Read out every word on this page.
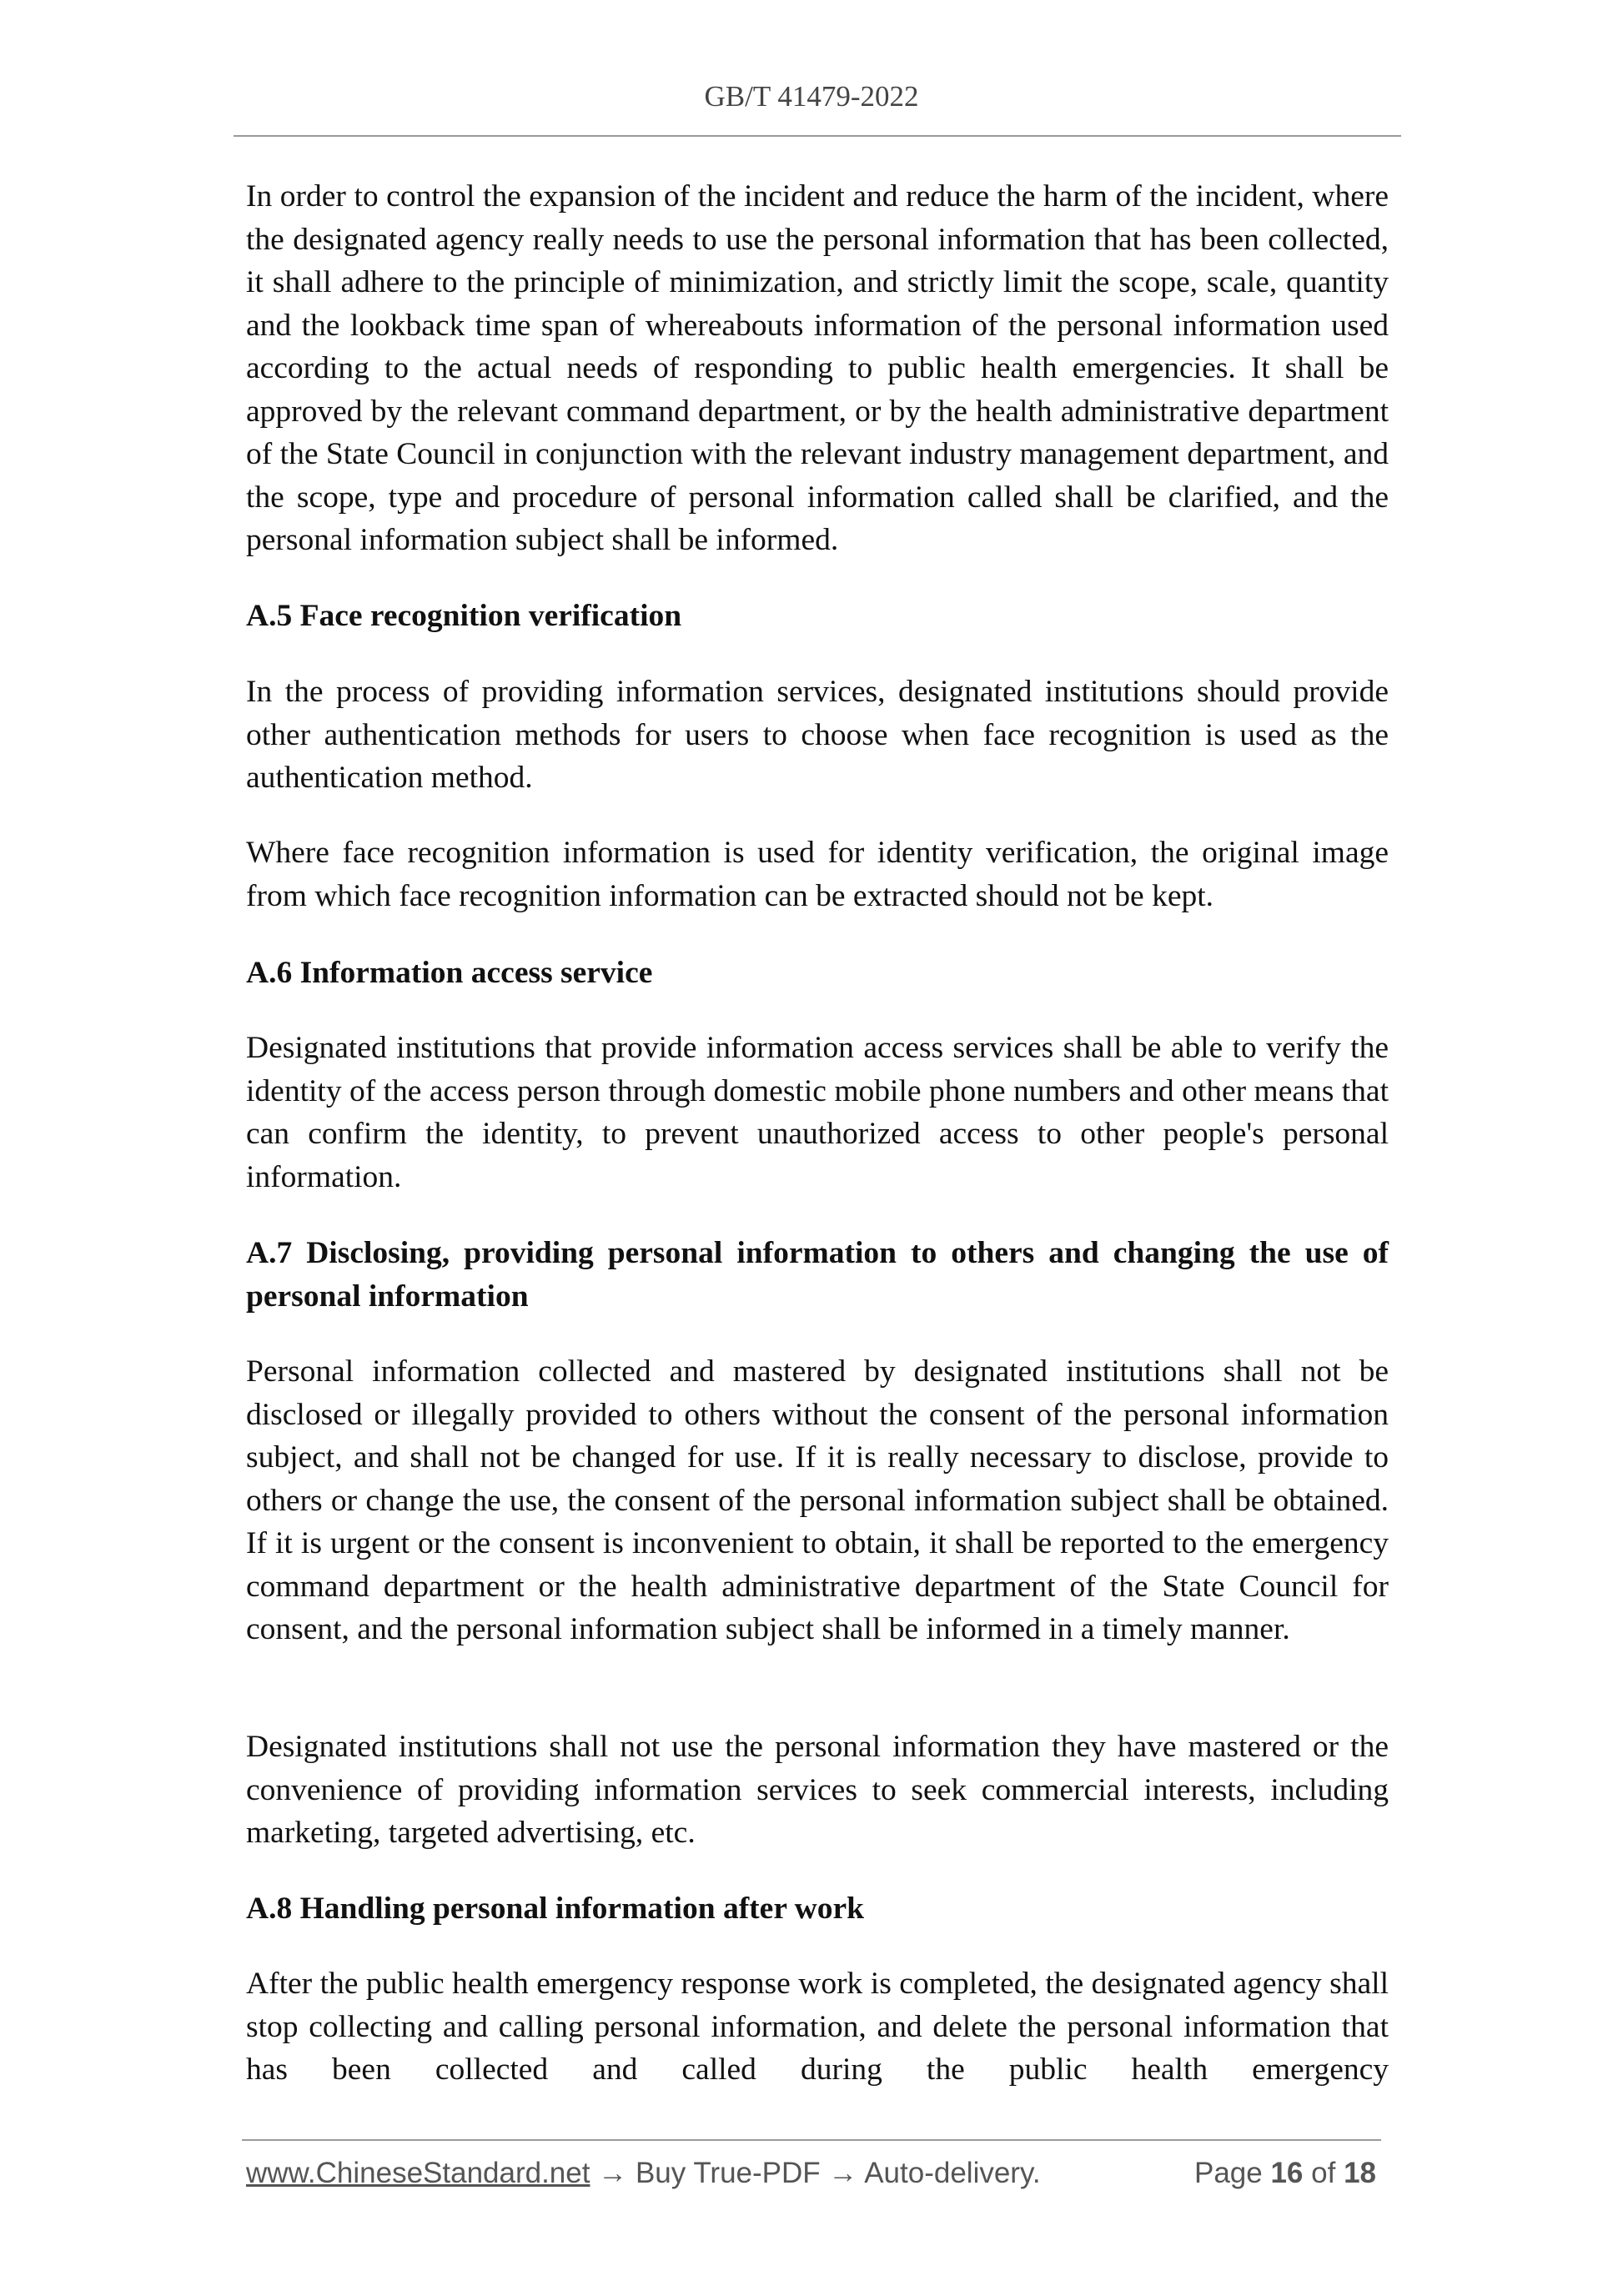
GB/T 41479-2022
In order to control the expansion of the incident and reduce the harm of the incident, where the designated agency really needs to use the personal information that has been collected, it shall adhere to the principle of minimization, and strictly limit the scope, scale, quantity and the lookback time span of whereabouts information of the personal information used according to the actual needs of responding to public health emergencies. It shall be approved by the relevant command department, or by the health administrative department of the State Council in conjunction with the relevant industry management department, and the scope, type and procedure of personal information called shall be clarified, and the personal information subject shall be informed.
A.5 Face recognition verification
In the process of providing information services, designated institutions should provide other authentication methods for users to choose when face recognition is used as the authentication method.
Where face recognition information is used for identity verification, the original image from which face recognition information can be extracted should not be kept.
A.6 Information access service
Designated institutions that provide information access services shall be able to verify the identity of the access person through domestic mobile phone numbers and other means that can confirm the identity, to prevent unauthorized access to other people's personal information.
A.7 Disclosing, providing personal information to others and changing the use of personal information
Personal information collected and mastered by designated institutions shall not be disclosed or illegally provided to others without the consent of the personal information subject, and shall not be changed for use. If it is really necessary to disclose, provide to others or change the use, the consent of the personal information subject shall be obtained. If it is urgent or the consent is inconvenient to obtain, it shall be reported to the emergency command department or the health administrative department of the State Council for consent, and the personal information subject shall be informed in a timely manner.
Designated institutions shall not use the personal information they have mastered or the convenience of providing information services to seek commercial interests, including marketing, targeted advertising, etc.
A.8 Handling personal information after work
After the public health emergency response work is completed, the designated agency shall stop collecting and calling personal information, and delete the personal information that has been collected and called during the public health emergency
www.ChineseStandard.net → Buy True-PDF → Auto-delivery.	Page 16 of 18
